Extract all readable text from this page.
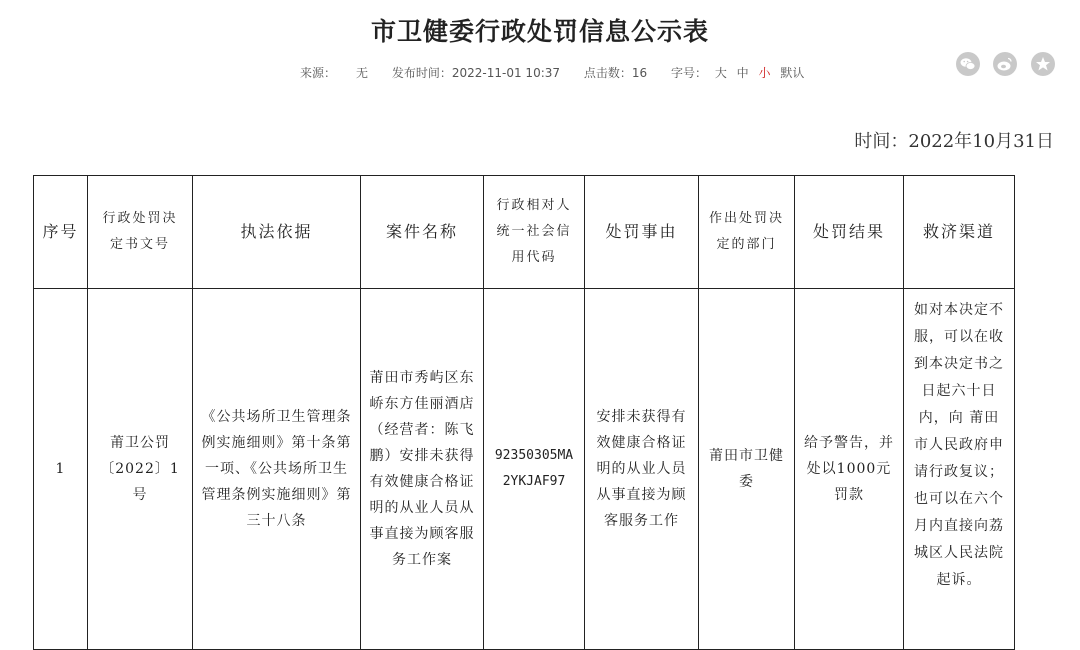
市卫健委行政处罚信息公示表
来源： 无 发布时间：2022-11-01 10:37 点击数：16 字号： 大 中 小 默认
时间：2022年10月31日
序号	行政处罚决定书文号	执法依据	案件名称	行政相对人统一社会信用代码	处罚事由	作出处罚决定的部门	处罚结果	救济渠道
1	莆卫公罚〔2022〕1号	《公共场所卫生管理条例实施细则》第十条第一项、《公共场所卫生管理条例实施细则》第三十八条	莆田市秀屿区东峤东方佳丽酒店（经营者：陈飞鹏）安排未获得有效健康合格证明的从业人员从事直接为顾客服务工作案	92350305MA2YKJAF97	安排未获得有效健康合格证明的从业人员从事直接为顾客服务工作	莆田市卫健委	给予警告，并处以1000元罚款	如对本决定不服，可以在收到本决定书之日起六十日内，向 莆田市人民政府申请行政复议；也可以在六个月内直接向荔城区人民法院起诉。
